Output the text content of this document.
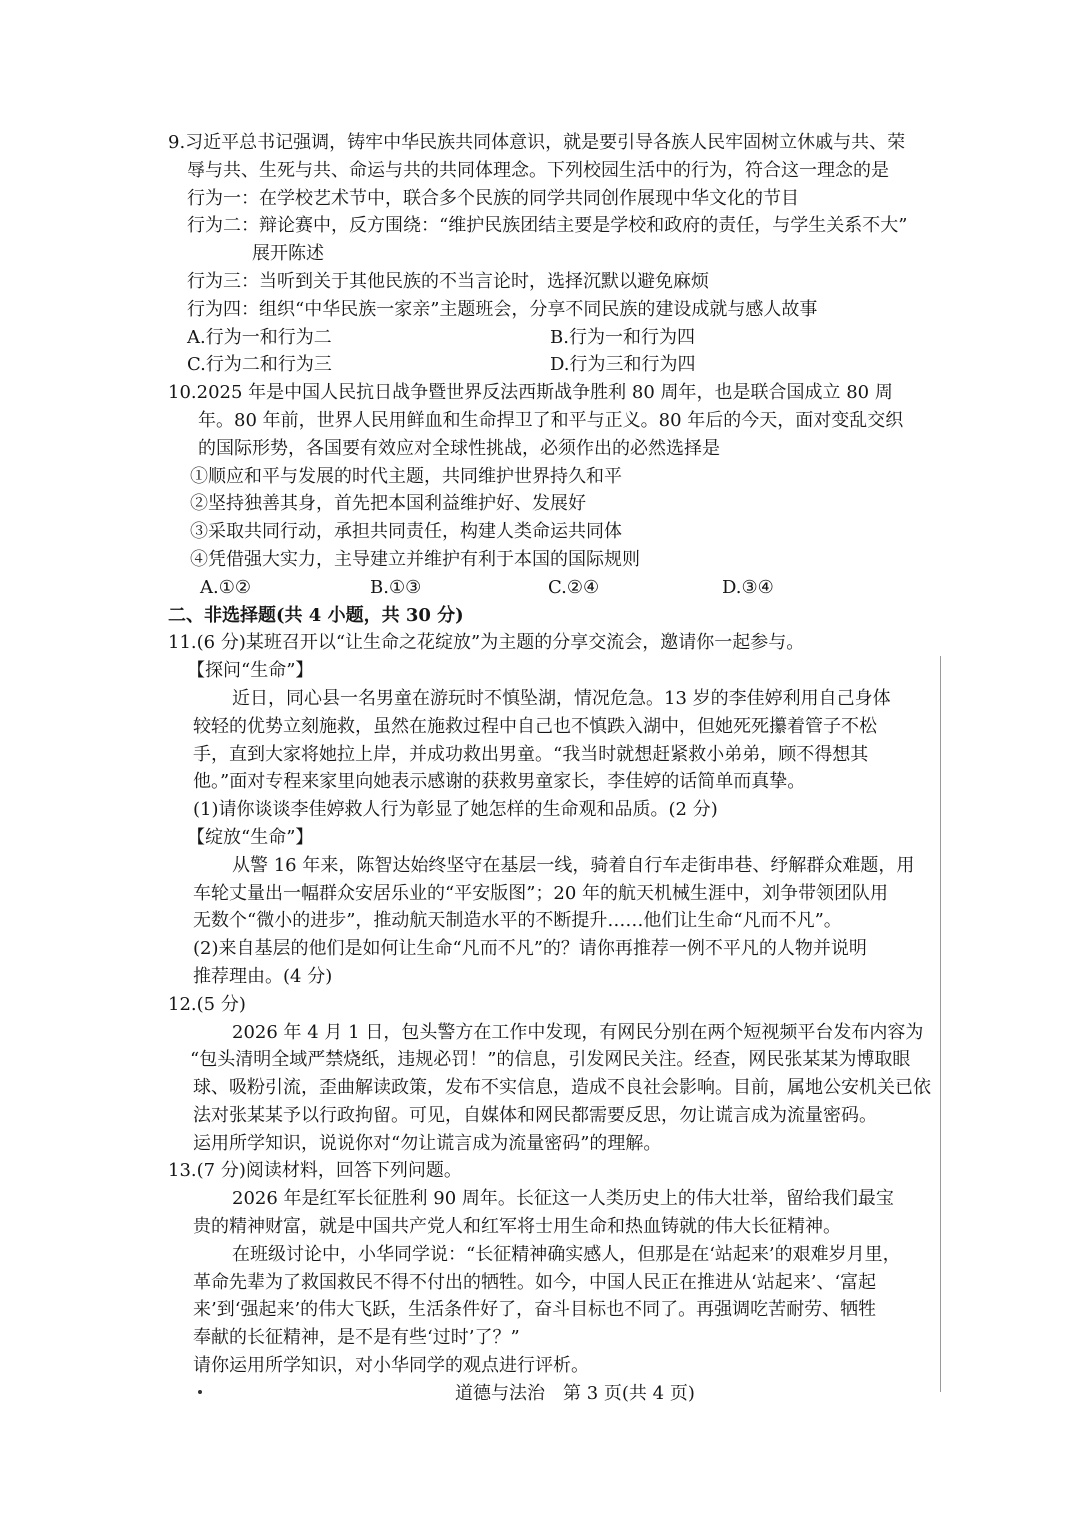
9.习近平总书记强调，铸牢中华民族共同体意识，就是要引导各族人民牢固树立休戚与共、荣
辱与共、生死与共、命运与共的共同体理念。下列校园生活中的行为，符合这一理念的是
行为一：在学校艺术节中，联合多个民族的同学共同创作展现中华文化的节目
行为二：辩论赛中，反方围绕：“维护民族团结主要是学校和政府的责任，与学生关系不大”
展开陈述
行为三：当听到关于其他民族的不当言论时，选择沉默以避免麻烦
行为四：组织“中华民族一家亲”主题班会，分享不同民族的建设成就与感人故事
A.行为一和行为二	B.行为一和行为四
C.行为二和行为三	D.行为三和行为四
10.2025 年是中国人民抗日战争暨世界反法西斯战争胜利 80 周年，也是联合国成立 80 周
年。80 年前，世界人民用鲜血和生命捍卫了和平与正义。80 年后的今天，面对变乱交织
的国际形势，各国要有效应对全球性挑战，必须作出的必然选择是
①顺应和平与发展的时代主题，共同维护世界持久和平
②坚持独善其身，首先把本国利益维护好、发展好
③采取共同行动，承担共同责任，构建人类命运共同体
④凭借强大实力，主导建立并维护有利于本国的国际规则
A.①②	B.①③	C.②④	D.③④
二、非选择题(共 4 小题，共 30 分)
11.(6 分)某班召开以“让生命之花绽放”为主题的分享交流会，邀请你一起参与。
【探问“生命”】
近日，同心县一名男童在游玩时不慎坠湖，情况危急。13 岁的李佳婷利用自己身体
较轻的优势立刻施救，虽然在施救过程中自己也不慎跌入湖中，但她死死攥着管子不松
手，直到大家将她拉上岸，并成功救出男童。“我当时就想赶紧救小弟弟，顾不得想其
他。”面对专程来家里向她表示感谢的获救男童家长，李佳婷的话简单而真挚。
(1)请你谈谈李佳婷救人行为彰显了她怎样的生命观和品质。(2 分)
【绽放“生命”】
从警 16 年来，陈智达始终坚守在基层一线，骑着自行车走街串巷、纾解群众难题，用
车轮丈量出一幅群众安居乐业的“平安版图”；20 年的航天机械生涯中，刘争带领团队用
无数个“微小的进步”，推动航天制造水平的不断提升……他们让生命“凡而不凡”。
(2)来自基层的他们是如何让生命“凡而不凡”的？请你再推荐一例不平凡的人物并说明
推荐理由。(4 分)
12.(5 分)
2026 年 4 月 1 日，包头警方在工作中发现，有网民分别在两个短视频平台发布内容为
“包头清明全域严禁烧纸，违规必罚！”的信息，引发网民关注。经查，网民张某某为博取眼
球、吸粉引流，歪曲解读政策，发布不实信息，造成不良社会影响。目前，属地公安机关已依
法对张某某予以行政拘留。可见，自媒体和网民都需要反思，勿让谎言成为流量密码。
运用所学知识，说说你对“勿让谎言成为流量密码”的理解。
13.(7 分)阅读材料，回答下列问题。
2026 年是红军长征胜利 90 周年。长征这一人类历史上的伟大壮举，留给我们最宝
贵的精神财富，就是中国共产党人和红军将士用生命和热血铸就的伟大长征精神。
在班级讨论中，小华同学说：“长征精神确实感人，但那是在‘站起来’的艰难岁月里，
革命先辈为了救国救民不得不付出的牺牲。如今，中国人民正在推进从‘站起来’、‘富起
来’到‘强起来’的伟大飞跃，生活条件好了，奋斗目标也不同了。再强调吃苦耐劳、牺牲
奉献的长征精神，是不是有些‘过时’了？”
请你运用所学知识，对小华同学的观点进行评析。
道德与法治 第 3 页(共 4 页)
